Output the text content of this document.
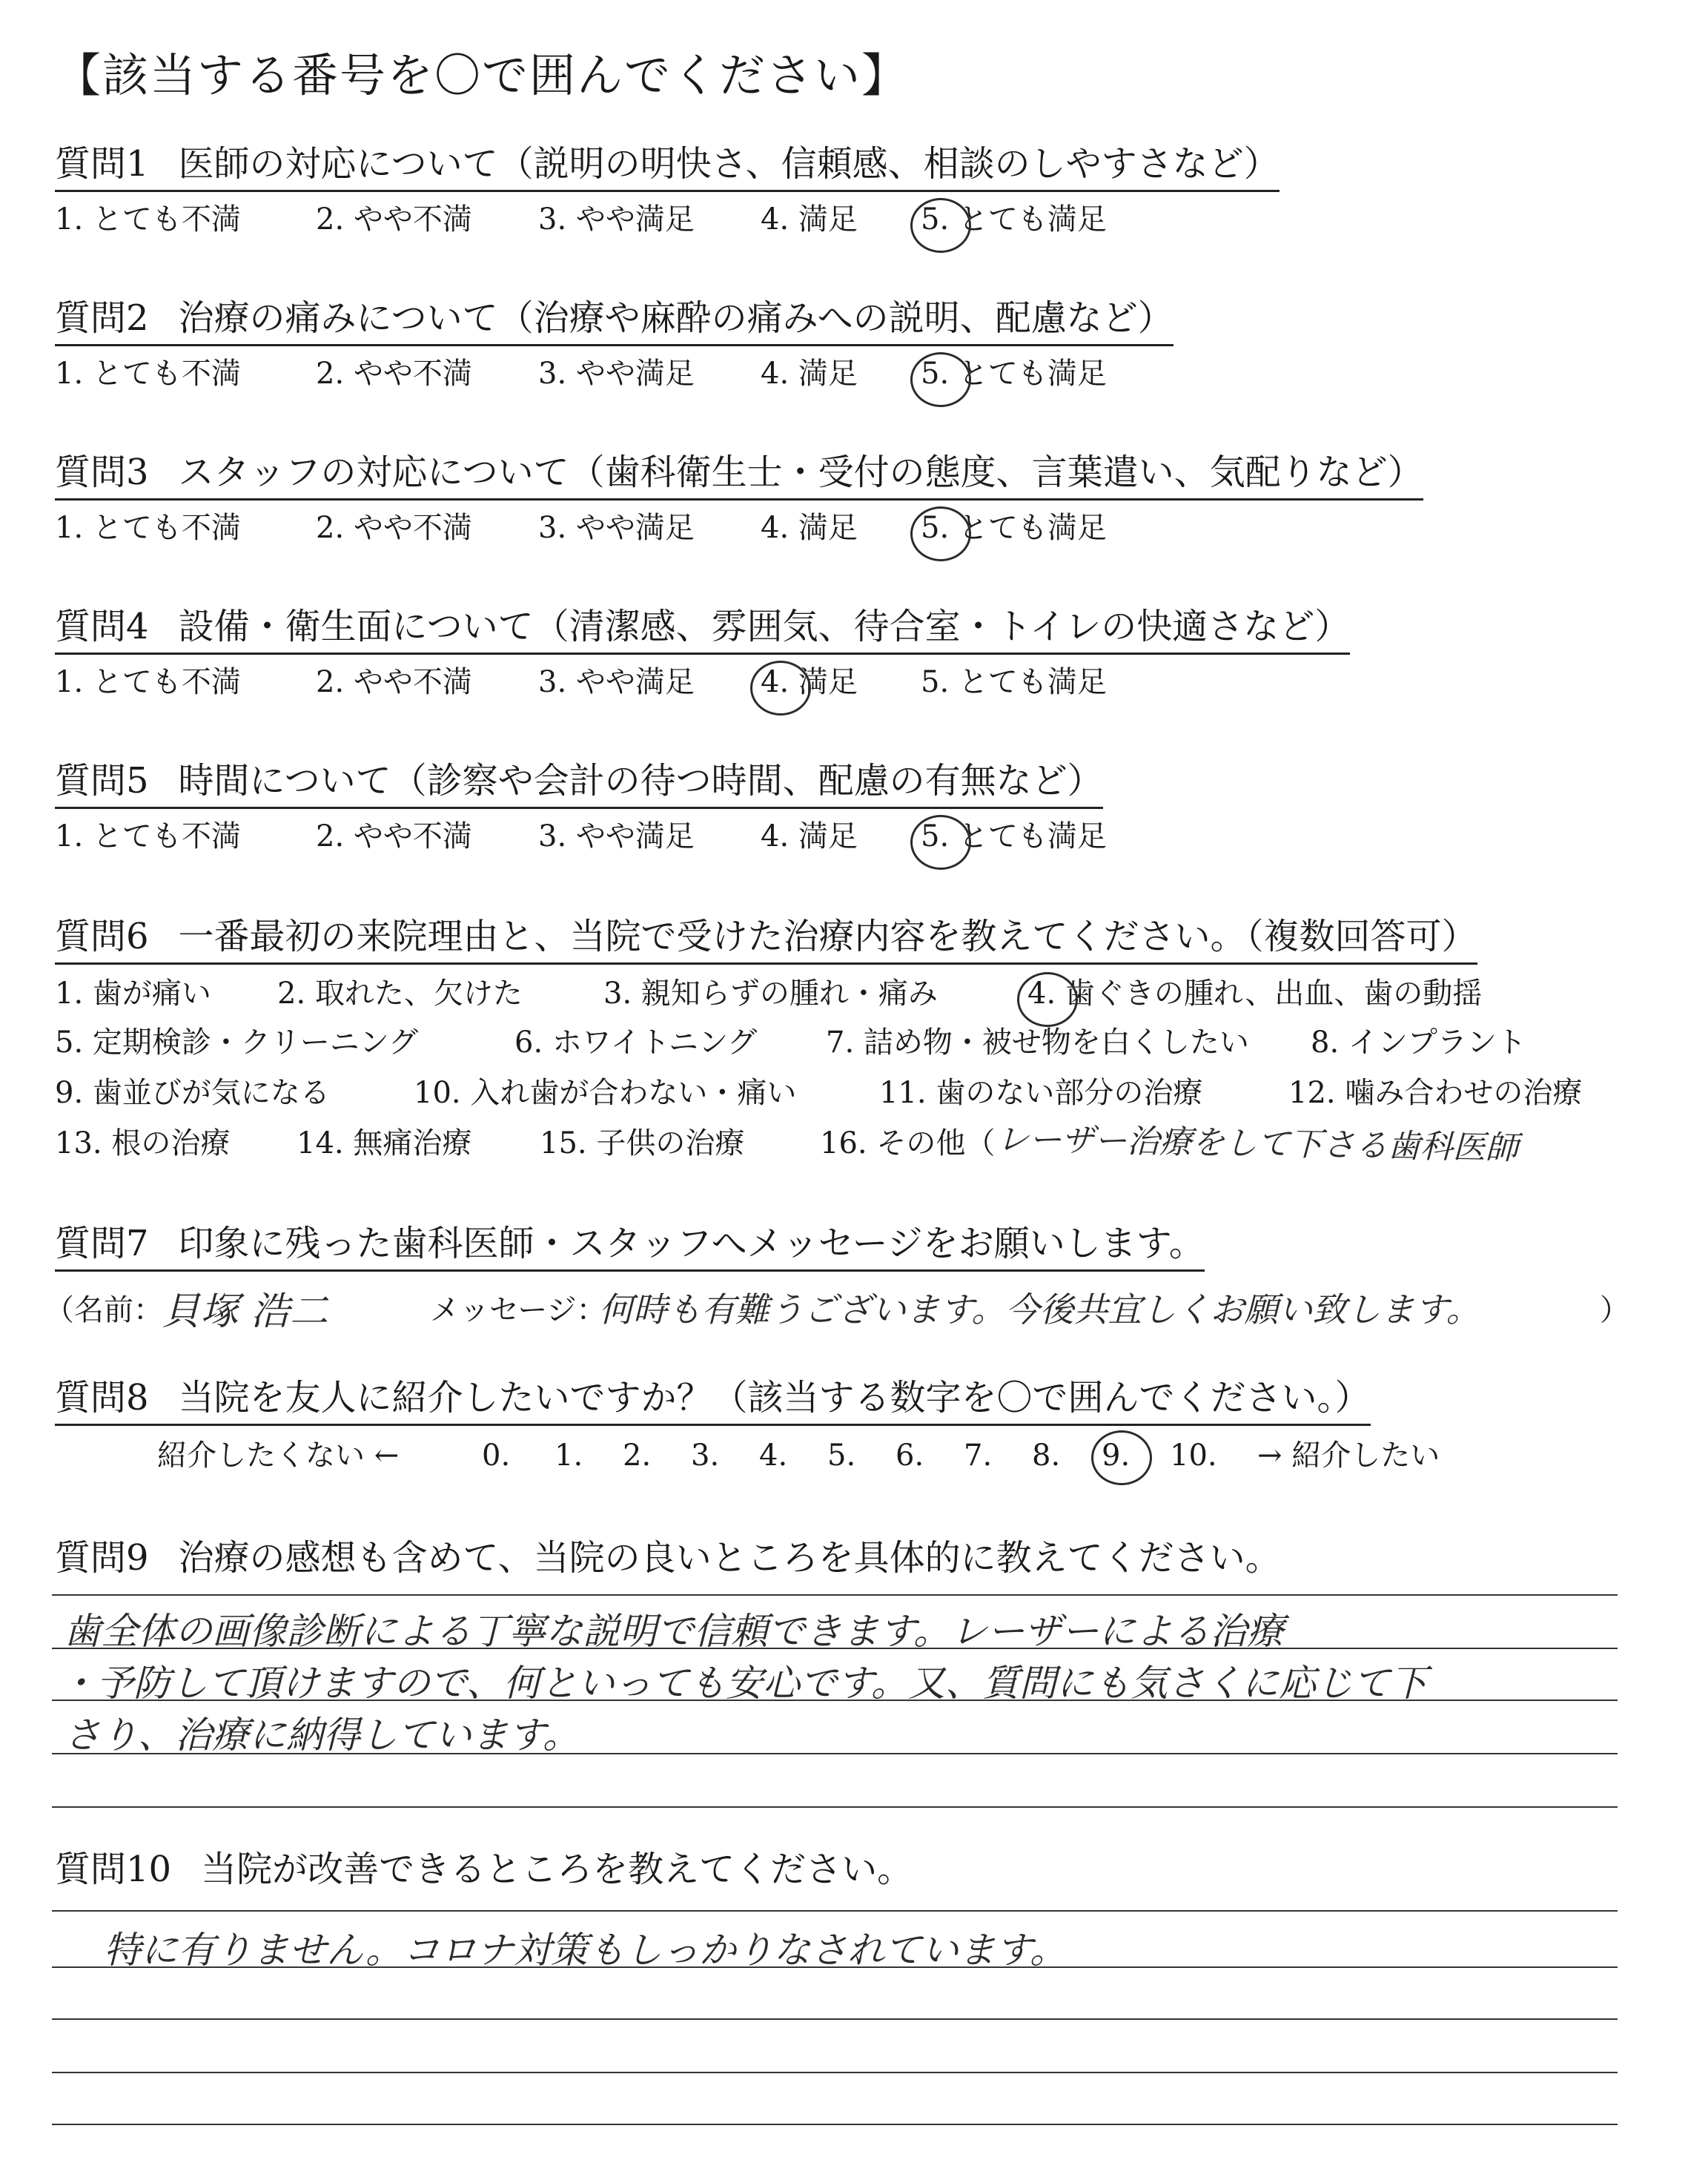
【該当する番号を〇で囲んでください】
質問1 医師の対応について（説明の明快さ、信頼感、相談のしやすさなど）
1. とても不満	2. やや不満 3. やや満足 4. 満足 5. とても満足
質問2 治療の痛みについて（治療や麻酔の痛みへの説明、配慮など）
1. とても不満	2. やや不満 3. やや満足 4. 満足 5. とても満足
質問3 スタッフの対応について（歯科衛生士・受付の態度、言葉遣い、気配りなど）
1. とても不満	2. やや不満 3. やや満足 4. 満足 5. とても満足
質問4 設備・衛生面について（清潔感、雰囲気、待合室・トイレの快適さなど）
1. とても不満	2. やや不満 3. やや満足 4. 満足 5. とても満足
質問5 時間について（診察や会計の待つ時間、配慮の有無など）
1. とても不満	2. やや不満 3. やや満足 4. 満足 5. とても満足
質問6 一番最初の来院理由と、当院で受けた治療内容を教えてください。（複数回答可）
1. 歯が痛い 2. 取れた、欠けた	3. 親知らずの腫れ・痛み	4. 歯ぐきの腫れ、出血、歯の動揺
5. 定期検診・クリーニング	6. ホワイトニング 7. 詰め物・被せ物を白くしたい 8. インプラント
9. 歯並びが気になる	10. 入れ歯が合わない・痛い	11. 歯のない部分の治療	12. 噛み合わせの治療
13. 根の治療 14. 無痛治療 15. 子供の治療	16. その他（ レーザー治療をして下さる歯科医師
質問7 印象に残った歯科医師・スタッフへメッセージをお願いします。
（名前：
貝塚 浩二	メッセージ：
何時も有難うございます。今後共宜しくお願い致します。	）
質問8 当院を友人に紹介したいですか？（該当する数字を〇で囲んでください。）
紹介したくない ←	0. 1. 2. 3. 4. 5. 6. 7. 8. 9. 10. → 紹介したい
質問9 治療の感想も含めて、当院の良いところを具体的に教えてください。
歯全体の画像診断による丁寧な説明で信頼できます。レーザーによる治療
・予防して頂けますので、何といっても安心です。又、質問にも気さくに応じて下
さり、治療に納得しています。
質問10 当院が改善できるところを教えてください。
特に有りません。コロナ対策もしっかりなされています。
